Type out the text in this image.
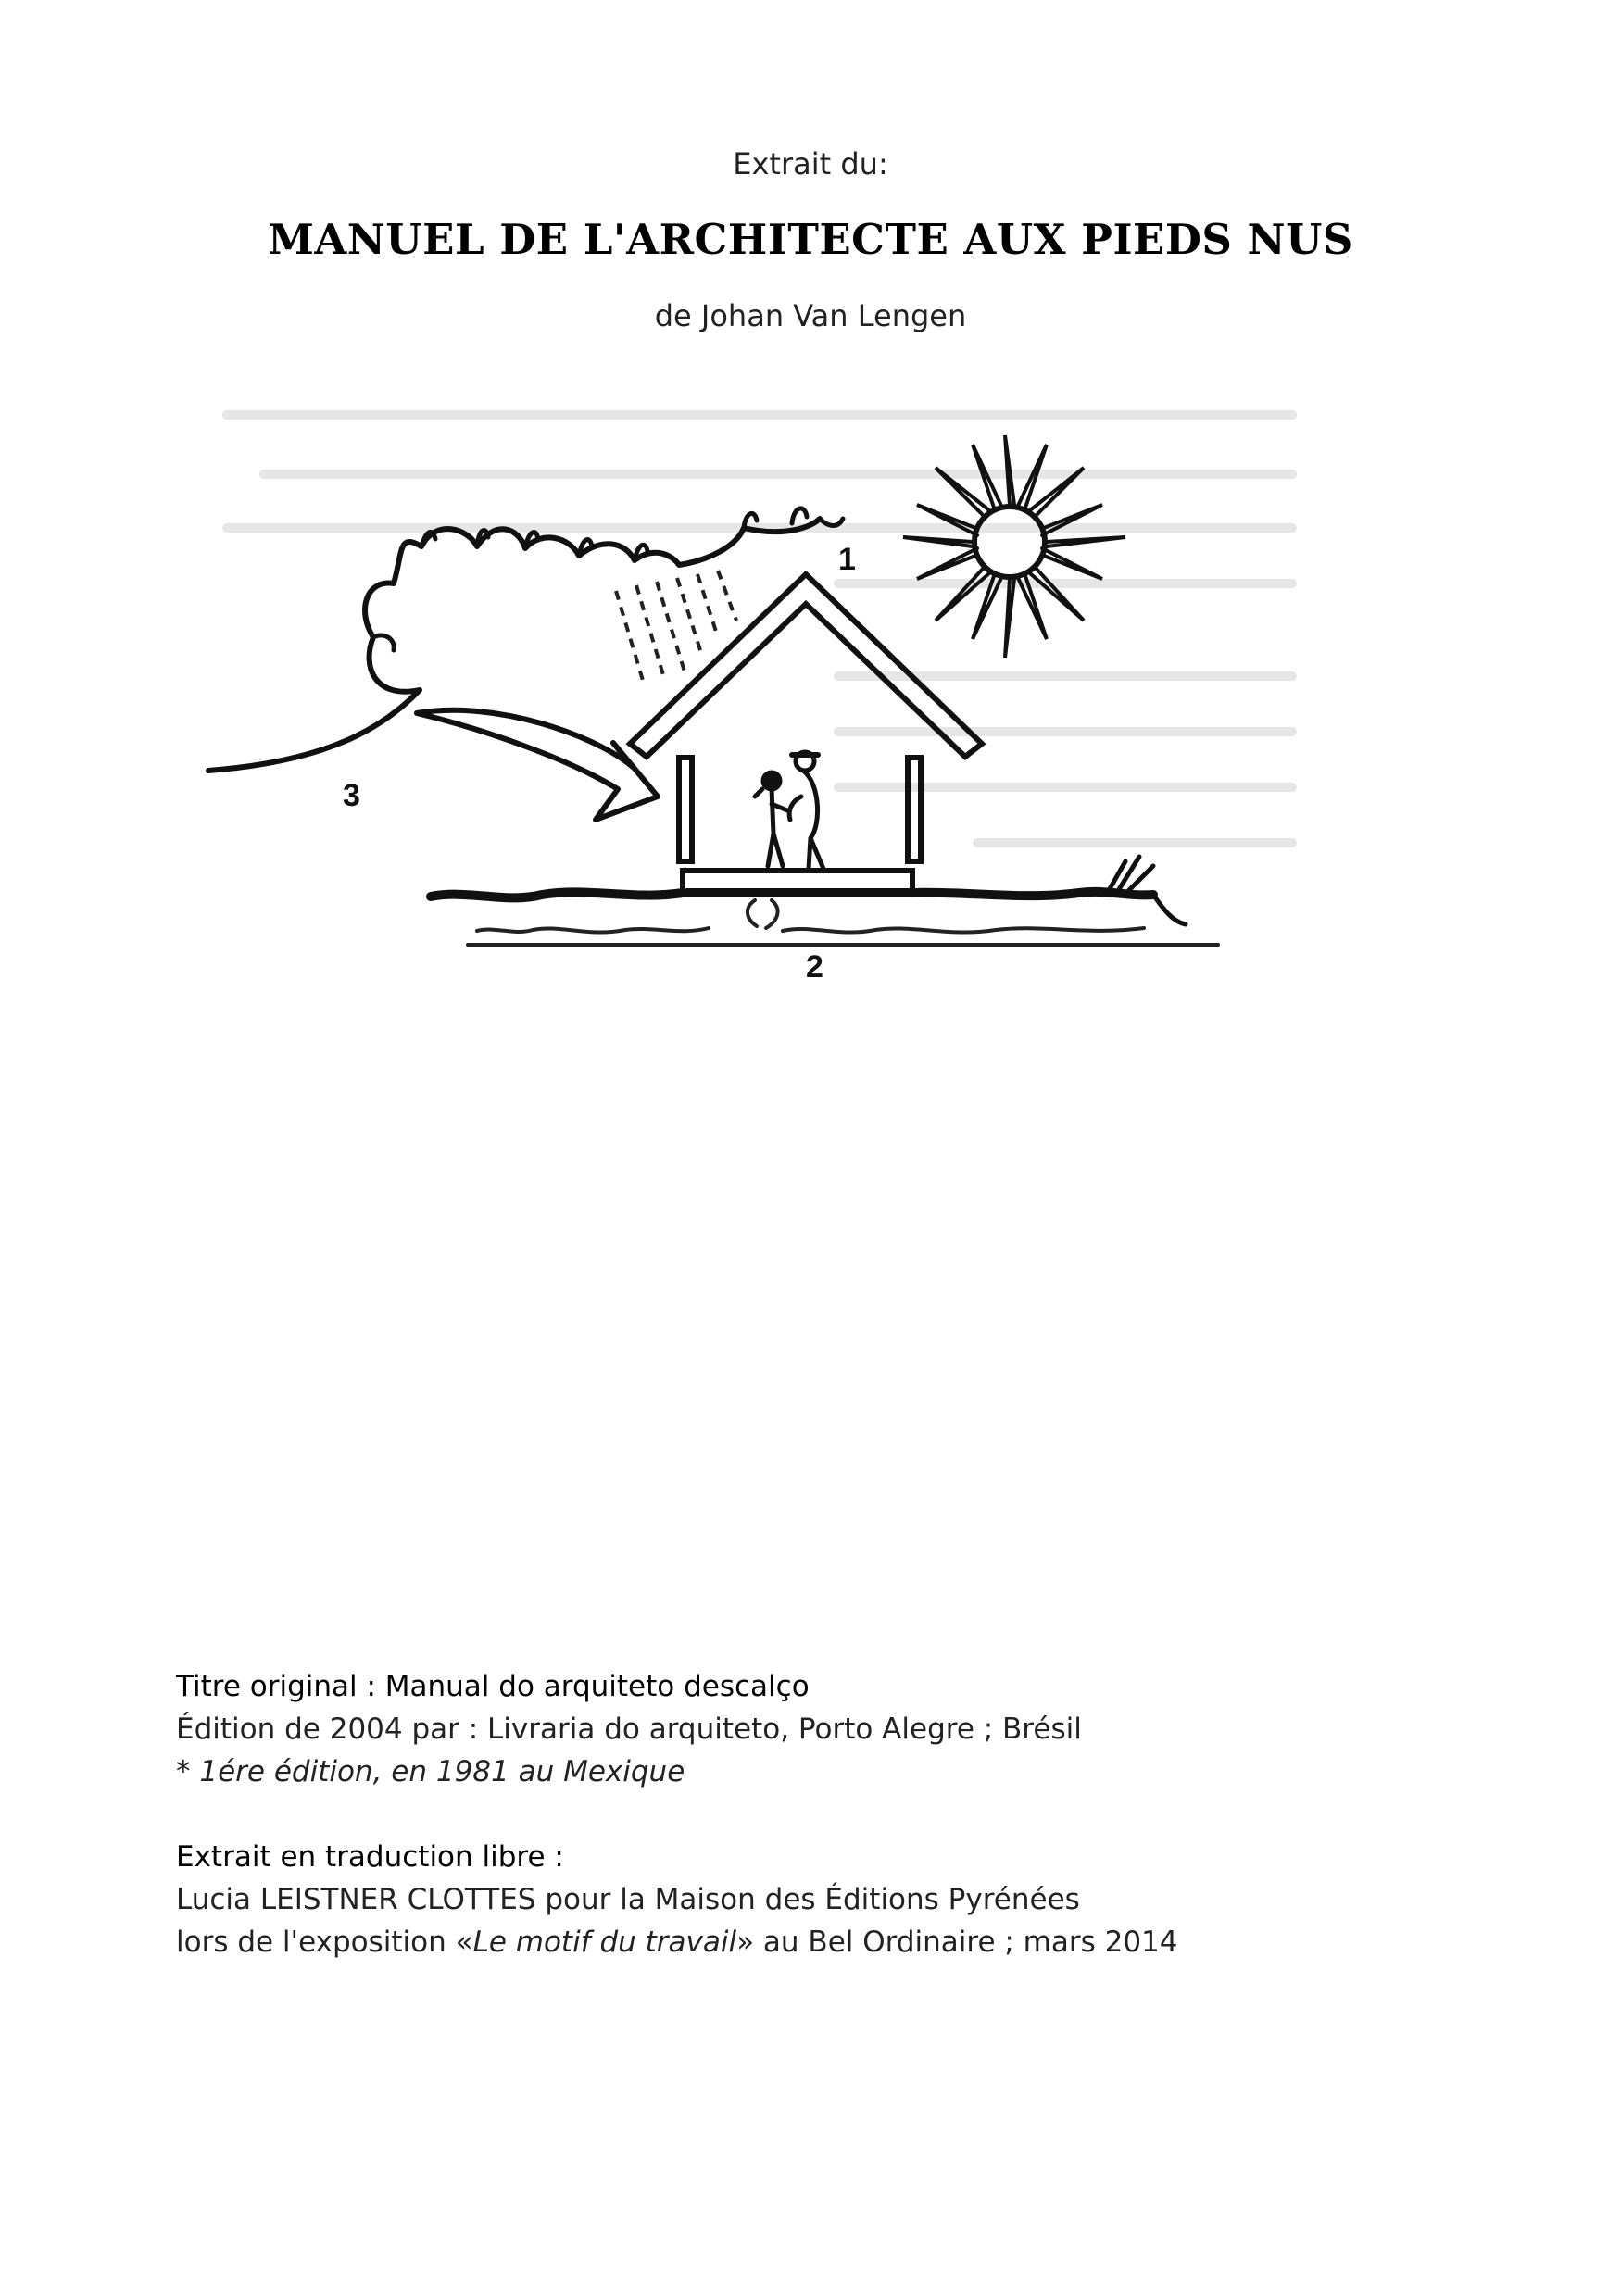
Extrait du:
MANUEL DE L'ARCHITECTE AUX PIEDS NUS
de Johan Van Lengen
1
2
3
Titre original : Manual do arquiteto descalço
Édition de 2004 par : Livraria do arquiteto, Porto Alegre ; Brésil
* 1ére édition, en 1981 au Mexique
Extrait en traduction libre :
Lucia LEISTNER CLOTTES pour la Maison des Éditions Pyrénées
lors de l'exposition «Le motif du travail» au Bel Ordinaire ; mars 2014
